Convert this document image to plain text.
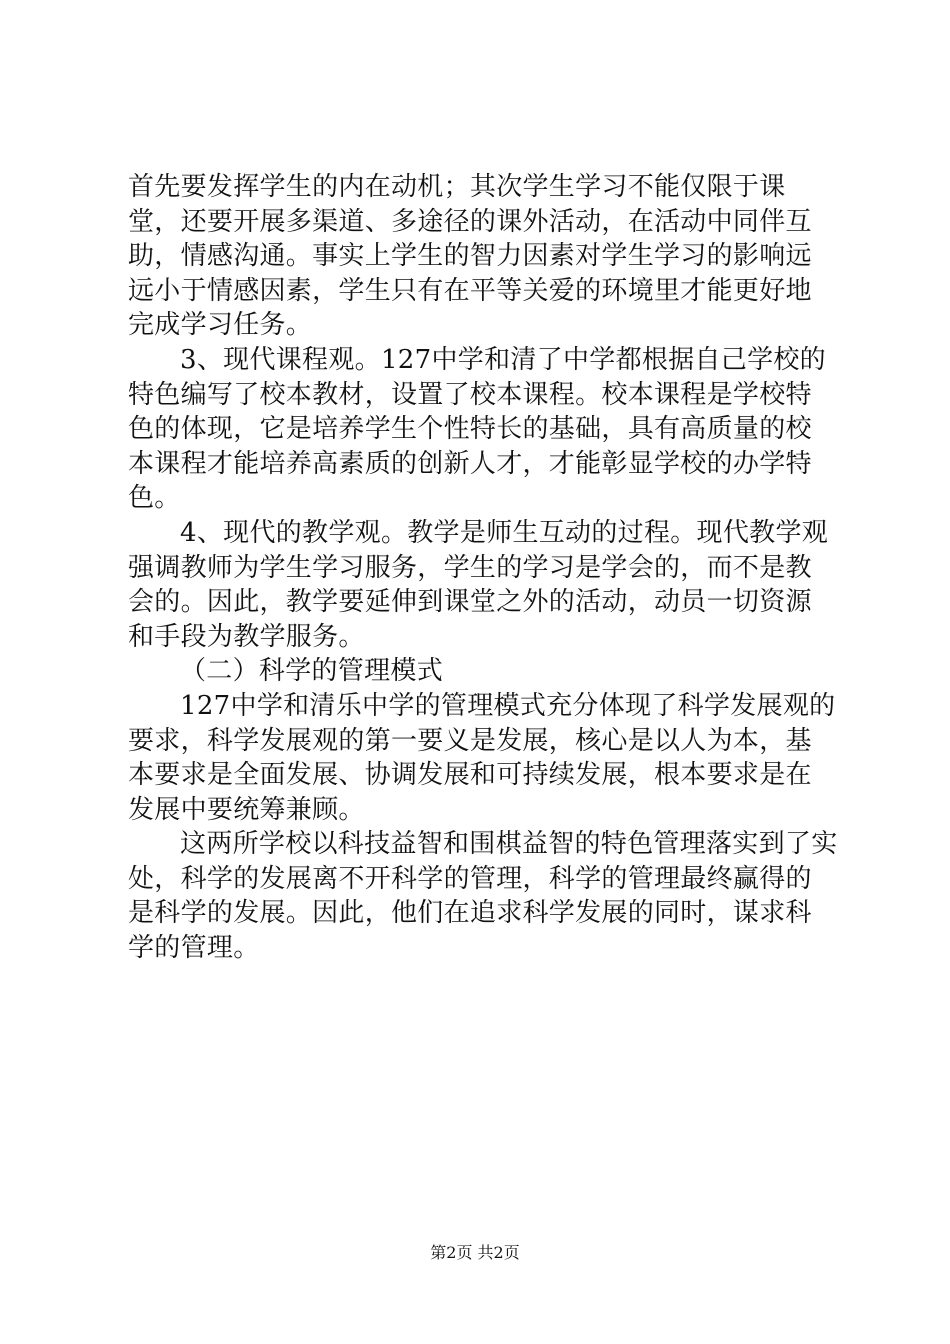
首先要发挥学生的内在动机；其次学生学习不能仅限于课堂，还要开展多渠道、多途径的课外活动，在活动中同伴互助，情感沟通。事实上学生的智力因素对学生学习的影响远远小于情感因素，学生只有在平等关爱的环境里才能更好地完成学习任务。

3、现代课程观。127中学和清了中学都根据自己学校的特色编写了校本教材，设置了校本课程。校本课程是学校特色的体现，它是培养学生个性特长的基础，具有高质量的校本课程才能培养高素质的创新人才，才能彰显学校的办学特色。

4、现代的教学观。教学是师生互动的过程。现代教学观强调教师为学生学习服务，学生的学习是学会的，而不是教会的。因此，教学要延伸到课堂之外的活动，动员一切资源和手段为教学服务。

（二）科学的管理模式

127中学和清乐中学的管理模式充分体现了科学发展观的要求，科学发展观的第一要义是发展，核心是以人为本，基本要求是全面发展、协调发展和可持续发展，根本要求是在发展中要统筹兼顾。

这两所学校以科技益智和围棋益智的特色管理落实到了实处，科学的发展离不开科学的管理，科学的管理最终赢得的是科学的发展。因此，他们在追求科学发展的同时，谋求科学的管理。

第2页 共2页
